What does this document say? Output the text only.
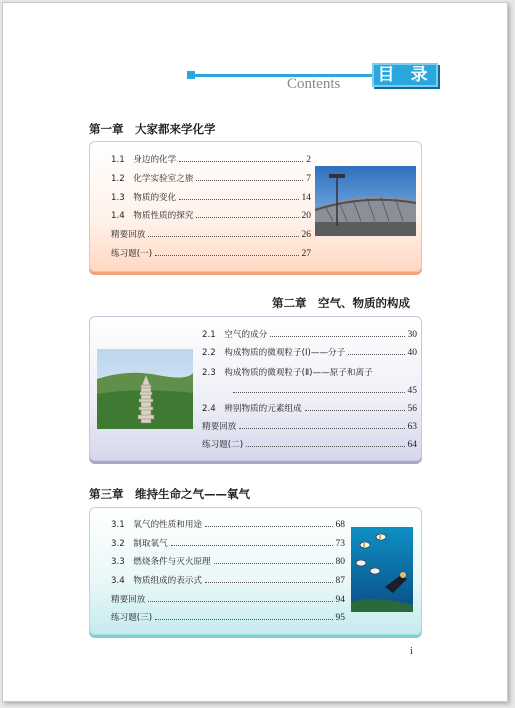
目 录
Contents
第一章　大家都来学化学
1.1　身边的化学	2
1.2　化学实验室之旅	7
1.3　物质的变化	14
1.4　物质性质的探究	20
精要回放	26
练习题(一)	27
第二章　空气、物质的构成
2.1　空气的成分	30
2.2　构成物质的微观粒子(Ⅰ)——分子	40
2.3　构成物质的微观粒子(Ⅱ)——原子和离子
45
2.4　辨别物质的元素组成	56
精要回放	63
练习题(二)	64
第三章　维持生命之气——氧气
3.1　氧气的性质和用途	68
3.2　制取氧气	73
3.3　燃烧条件与灭火原理	80
3.4　物质组成的表示式	87
精要回放	94
练习题(三)	95
i
